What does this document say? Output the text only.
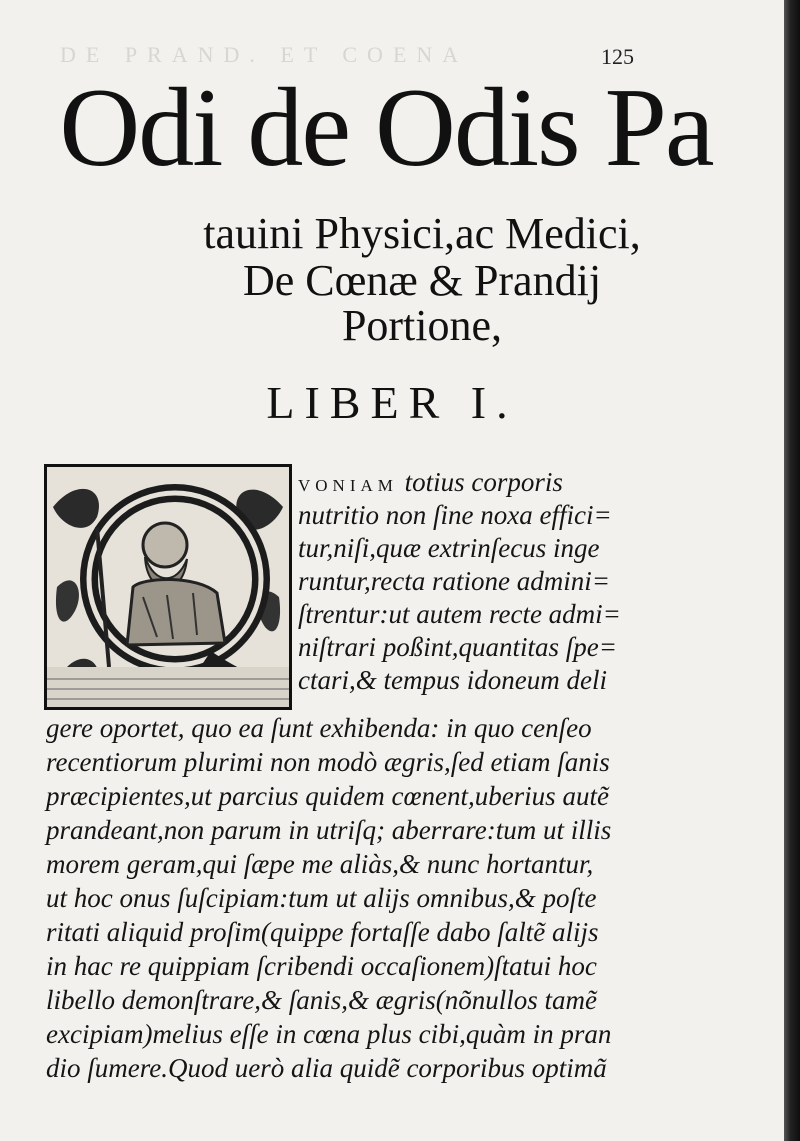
DE PRAND. ET COENA	125
Odi de Odis Pa
tauini Physici,ac Medici,
De Cœnæ & Prandij
Portione,
LIBER I.
VONIAM totius corporis
nutritio non ſine noxa effici=
tur,niſi,quæ extrinſecus inge
runtur,recta ratione admini=
ſtrentur:ut autem recte admi=
niſtrari poßint,quantitas ſpe=
ctari,& tempus idoneum deli
gere oportet, quo ea ſunt exhibenda: in quo cenſeo
recentiorum plurimi non modò ægris,ſed etiam ſanis
præcipientes,ut parcius quidem cœnent,uberius autẽ
prandeant,non parum in utriſq; aberrare:tum ut illis
morem geram,qui ſæpe me aliàs,& nunc hortantur,
ut hoc onus ſuſcipiam:tum ut alijs omnibus,& poſte
ritati aliquid proſim(quippe fortaſſe dabo ſaltẽ alijs
in hac re quippiam ſcribendi occaſionem)ſtatui hoc
libello demonſtrare,& ſanis,& ægris(nõnullos tamẽ
excipiam)melius eſſe in cœna plus cibi,quàm in pran
dio ſumere.Quod uerò alia quidẽ corporibus optimã
